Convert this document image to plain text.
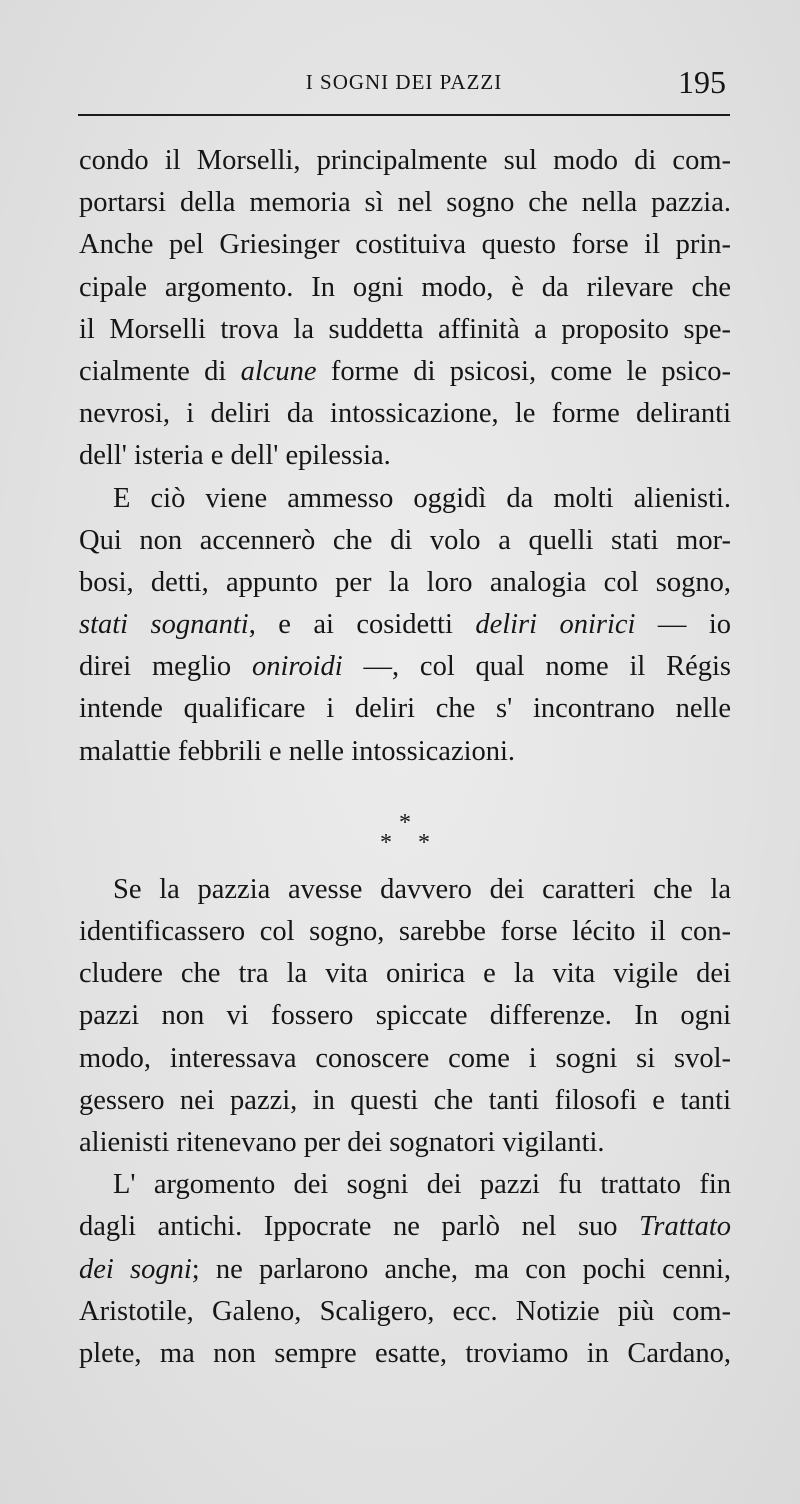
I SOGNI DEI PAZZI	195
condo il Morselli, principalmente sul modo di com-
portarsi della memoria sì nel sogno che nella pazzia.
Anche pel Griesinger costituiva questo forse il prin-
cipale argomento. In ogni modo, è da rilevare che
il Morselli trova la suddetta affinità a proposito spe-
cialmente di alcune forme di psicosi, come le psico-
nevrosi, i deliri da intossicazione, le forme deliranti
dell' isteria e dell' epilessia.
E ciò viene ammesso oggidì da molti alienisti.
Qui non accennerò che di volo a quelli stati mor-
bosi, detti, appunto per la loro analogia col sogno,
stati sognanti, e ai cosidetti deliri onirici — io
direi meglio oniroidi —, col qual nome il Régis
intende qualificare i deliri che s' incontrano nelle
malattie febbrili e nelle intossicazioni.
*
* *
Se la pazzia avesse davvero dei caratteri che la
identificassero col sogno, sarebbe forse lécito il con-
cludere che tra la vita onirica e la vita vigile dei
pazzi non vi fossero spiccate differenze. In ogni
modo, interessava conoscere come i sogni si svol-
gessero nei pazzi, in questi che tanti filosofi e tanti
alienisti ritenevano per dei sognatori vigilanti.
L' argomento dei sogni dei pazzi fu trattato fin
dagli antichi. Ippocrate ne parlò nel suo Trattato
dei sogni; ne parlarono anche, ma con pochi cenni,
Aristotile, Galeno, Scaligero, ecc. Notizie più com-
plete, ma non sempre esatte, troviamo in Cardano,
